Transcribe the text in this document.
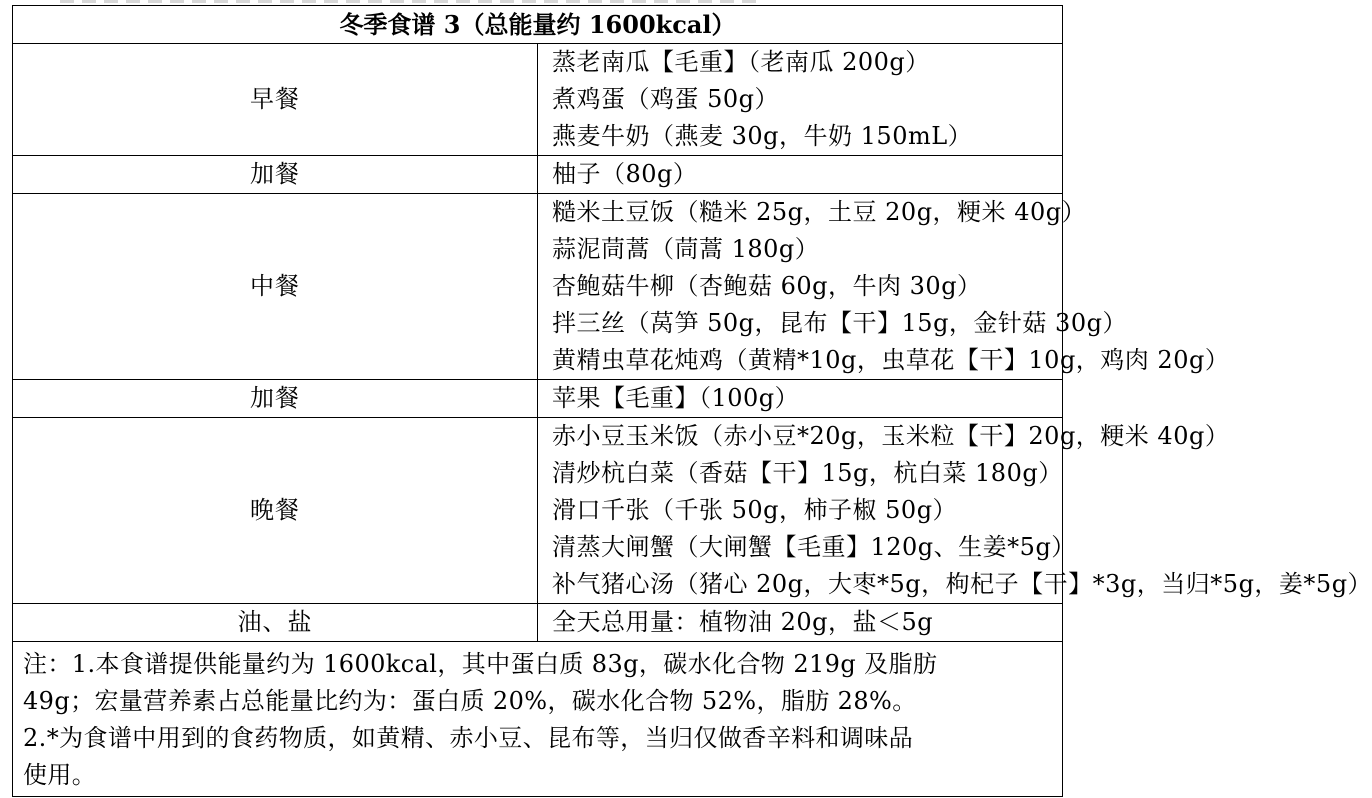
冬季食谱 3（总能量约 1600kcal）	
早餐	蒸老南瓜【毛重】（老南瓜 200g）
煮鸡蛋（鸡蛋 50g）
燕麦牛奶（燕麦 30g，牛奶 150mL）

加餐	柚子（80g）

中餐	糙米土豆饭（糙米 25g，土豆 20g，粳米 40g）
蒜泥茼蒿（茼蒿 180g）
杏鲍菇牛柳（杏鲍菇 60g，牛肉 30g）
拌三丝（莴笋 50g，昆布【干】15g，金针菇 30g）
黄精虫草花炖鸡（黄精*10g，虫草花【干】10g，鸡肉 20g）

加餐	苹果【毛重】（100g）

晚餐	赤小豆玉米饭（赤小豆*20g，玉米粒【干】20g，粳米 40g）
清炒杭白菜（香菇【干】15g，杭白菜 180g）
滑口千张（千张 50g，柿子椒 50g）
清蒸大闸蟹（大闸蟹【毛重】120g、生姜*5g）
补气猪心汤（猪心 20g，大枣*5g，枸杞子【干】*3g，当归*5g，姜*5g）

油、盐	全天总用量：植物油 20g，盐＜5g

注：1.本食谱提供能量约为 1600kcal，其中蛋白质 83g，碳水化合物 219g 及脂肪
49g；宏量营养素占总能量比约为：蛋白质 20%，碳水化合物 52%，脂肪 28%。
2.*为食谱中用到的食药物质，如黄精、赤小豆、昆布等，当归仅做香辛料和调味品
使用。	
